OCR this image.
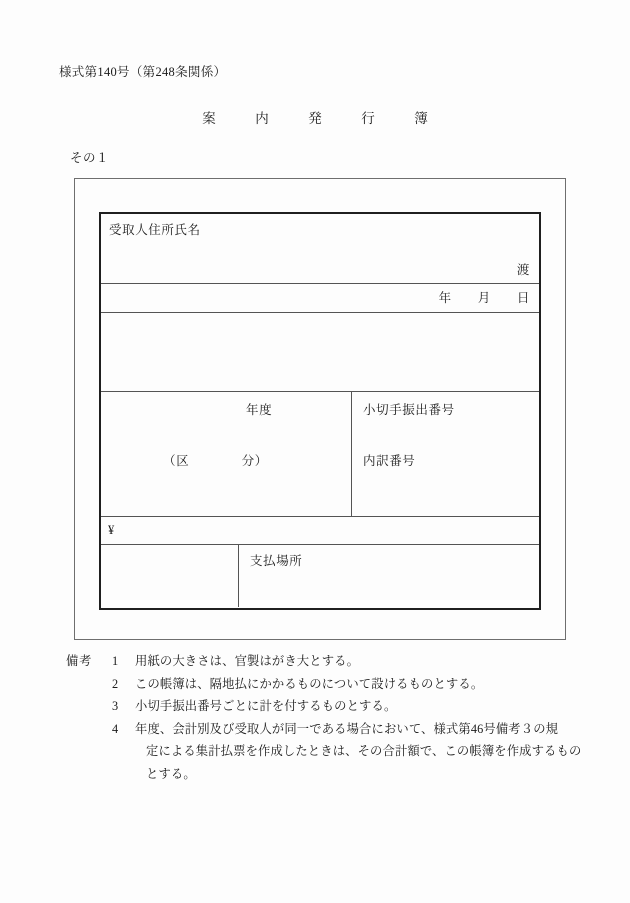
様式第140号（第248条関係）
案　内　発　行　簿
その１
受取人住所氏名
渡
年 月 日
年度
（区　　　　分）
小切手振出番号
内訳番号
¥
支払場所
備考 1 用紙の大きさは、官製はがき大とする。
2 この帳簿は、隔地払にかかるものについて設けるものとする。
3 小切手振出番号ごとに計を付するものとする。
4 年度、会計別及び受取人が同一である場合において、様式第46号備考３の規
定による集計払票を作成したときは、その合計額で、この帳簿を作成するもの
とする。
